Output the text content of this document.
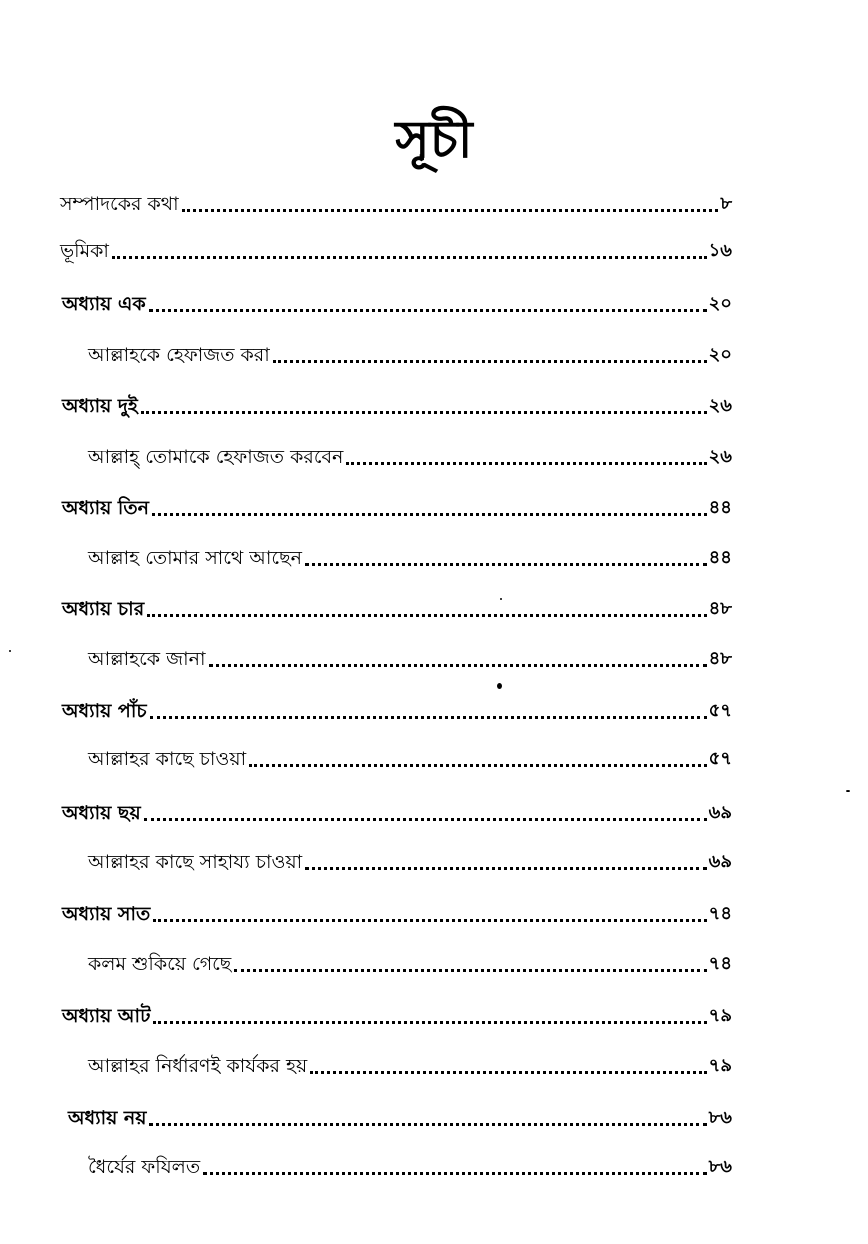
সূচী
সম্পাদকের কথা	৮
ভূমিকা	১৬
অধ্যায় এক	২০
আল্লাহকে হেফাজত করা	২০
অধ্যায় দুই	২৬
আল্লাহ্ তোমাকে হেফাজত করবেন	২৬
অধ্যায় তিন	৪৪
আল্লাহ তোমার সাথে আছেন	৪৪
অধ্যায় চার	৪৮
আল্লাহকে জানা	৪৮
অধ্যায় পাঁচ	৫৭
আল্লাহর কাছে চাওয়া	৫৭
অধ্যায় ছয়	৬৯
আল্লাহর কাছে সাহায্য চাওয়া	৬৯
অধ্যায় সাত	৭৪
কলম শুকিয়ে গেছে	৭৪
অধ্যায় আট	৭৯
আল্লাহর নির্ধারণই কার্যকর হয়	৭৯
অধ্যায় নয়	৮৬
ধৈর্যের ফযিলত	৮৬
